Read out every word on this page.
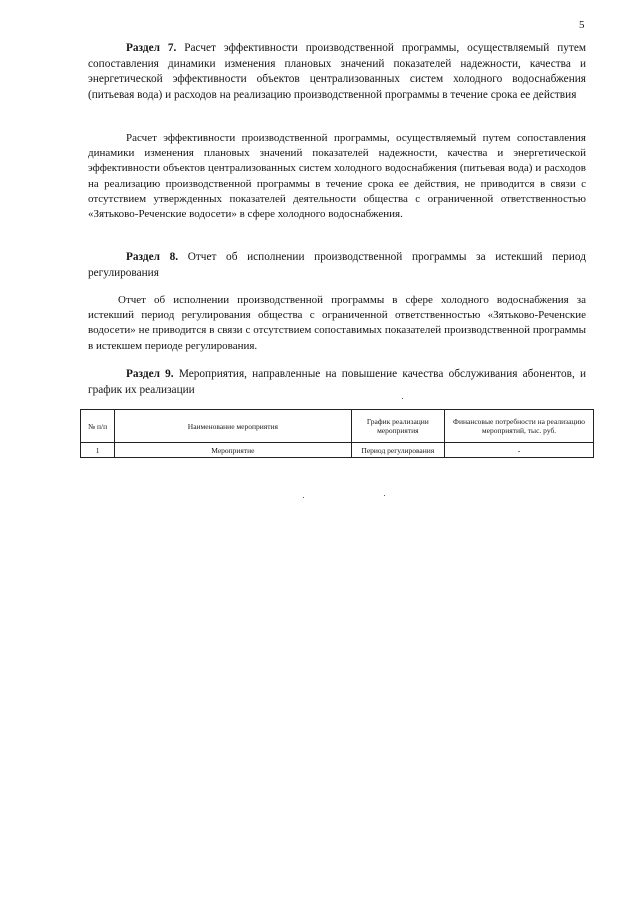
5

Раздел 7. Расчет эффективности производственной программы, осуществляемый путем сопоставления динамики изменения плановых значений показателей надежности, качества и энергетической эффективности объектов централизованных систем холодного водоснабжения (питьевая вода) и расходов на реализацию производственной программы в течение срока ее действия

Расчет эффективности производственной программы, осуществляемый путем сопоставления динамики изменения плановых значений показателей надежности, качества и энергетической эффективности объектов централизованных систем холодного водоснабжения (питьевая вода) и расходов на реализацию производственной программы в течение срока ее действия, не приводится в связи с отсутствием утвержденных показателей деятельности общества с ограниченной ответственностью «Зятьково-Реченские водосети» в сфере холодного водоснабжения.

Раздел 8. Отчет об исполнении производственной программы за истекший период регулирования

Отчет об исполнении производственной программы в сфере холодного водоснабжения за истекший период регулирования общества с ограниченной ответственностью «Зятьково-Реченские водосети» не приводится в связи с отсутствием сопоставимых показателей производственной программы в истекшем периоде регулирования.

Раздел 9. Мероприятия, направленные на повышение качества обслуживания абонентов, и график их реализации

№ п/п	Наименование мероприятия	График реализации мероприятия	Финансовые потребности на реализацию мероприятий, тыс. руб.
1	Мероприятие	Период регулирования	-
